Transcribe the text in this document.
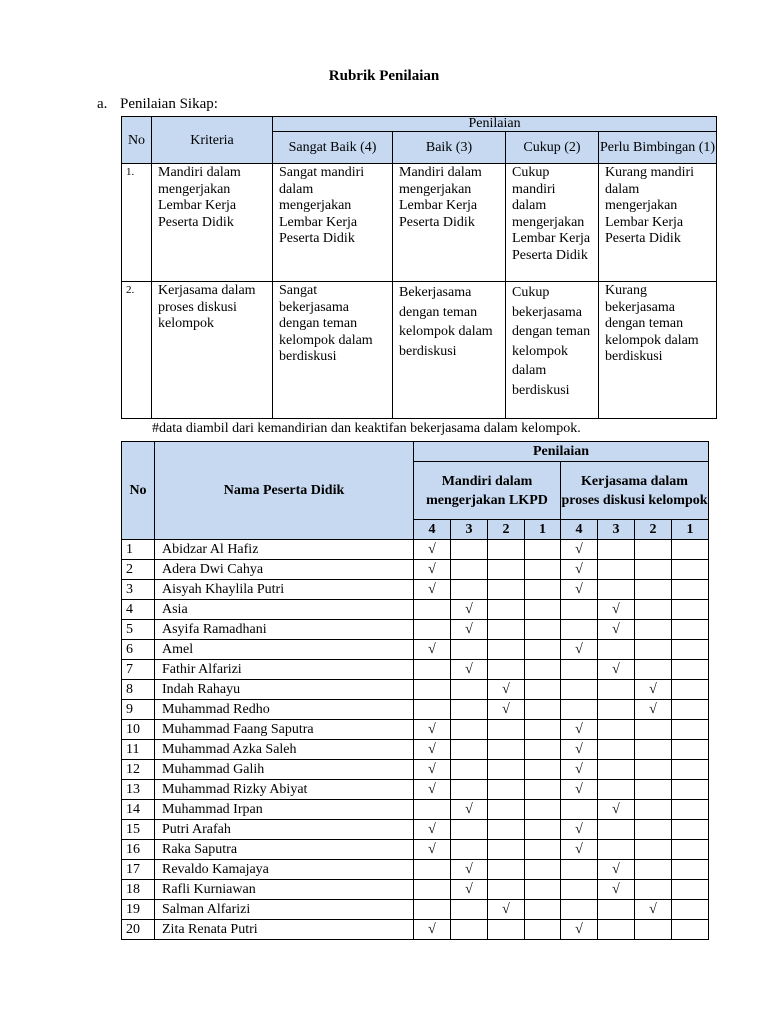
Rubrik Penilaian
a. Penilaian Sikap:
No	Kriteria	Penilaian			
		Sangat Baik (4)	Baik (3)	Cukup (2)	Perlu Bimbingan (1)
1.	Mandiri dalam mengerjakan Lembar Kerja Peserta Didik	Sangat mandiri dalam mengerjakan Lembar Kerja Peserta Didik	Mandiri dalam mengerjakan Lembar Kerja Peserta Didik	Cukup mandiri dalam mengerjakan Lembar Kerja Peserta Didik	Kurang mandiri dalam mengerjakan Lembar Kerja Peserta Didik
2.	Kerjasama dalam proses diskusi kelompok	Sangat bekerjasama dengan teman kelompok dalam berdiskusi	Bekerjasama dengan teman kelompok dalam berdiskusi	Cukup bekerjasama dengan teman kelompok dalam berdiskusi	Kurang bekerjasama dengan teman kelompok dalam berdiskusi
#data diambil dari kemandirian dan keaktifan bekerjasama dalam kelompok.
No	Nama Peserta Didik	Penilaian							
		Mandiri dalam mengerjakan LKPD				Kerjasama dalam proses diskusi kelompok			
		4	3	2	1	4	3	2	1
1	Abidzar Al Hafiz	√				√			
2	Adera Dwi Cahya	√				√			
3	Aisyah Khaylila Putri	√				√			
4	Asia		√				√		
5	Asyifa Ramadhani		√				√		
6	Amel	√				√			
7	Fathir Alfarizi		√				√		
8	Indah Rahayu			√				√	
9	Muhammad Redho			√				√	
10	Muhammad Faang Saputra	√				√			
11	Muhammad Azka Saleh	√				√			
12	Muhammad Galih	√				√			
13	Muhammad Rizky Abiyat	√				√			
14	Muhammad Irpan		√				√		
15	Putri Arafah	√				√			
16	Raka Saputra	√				√			
17	Revaldo Kamajaya		√				√		
18	Rafli Kurniawan		√				√		
19	Salman Alfarizi			√				√	
20	Zita Renata Putri	√				√			
